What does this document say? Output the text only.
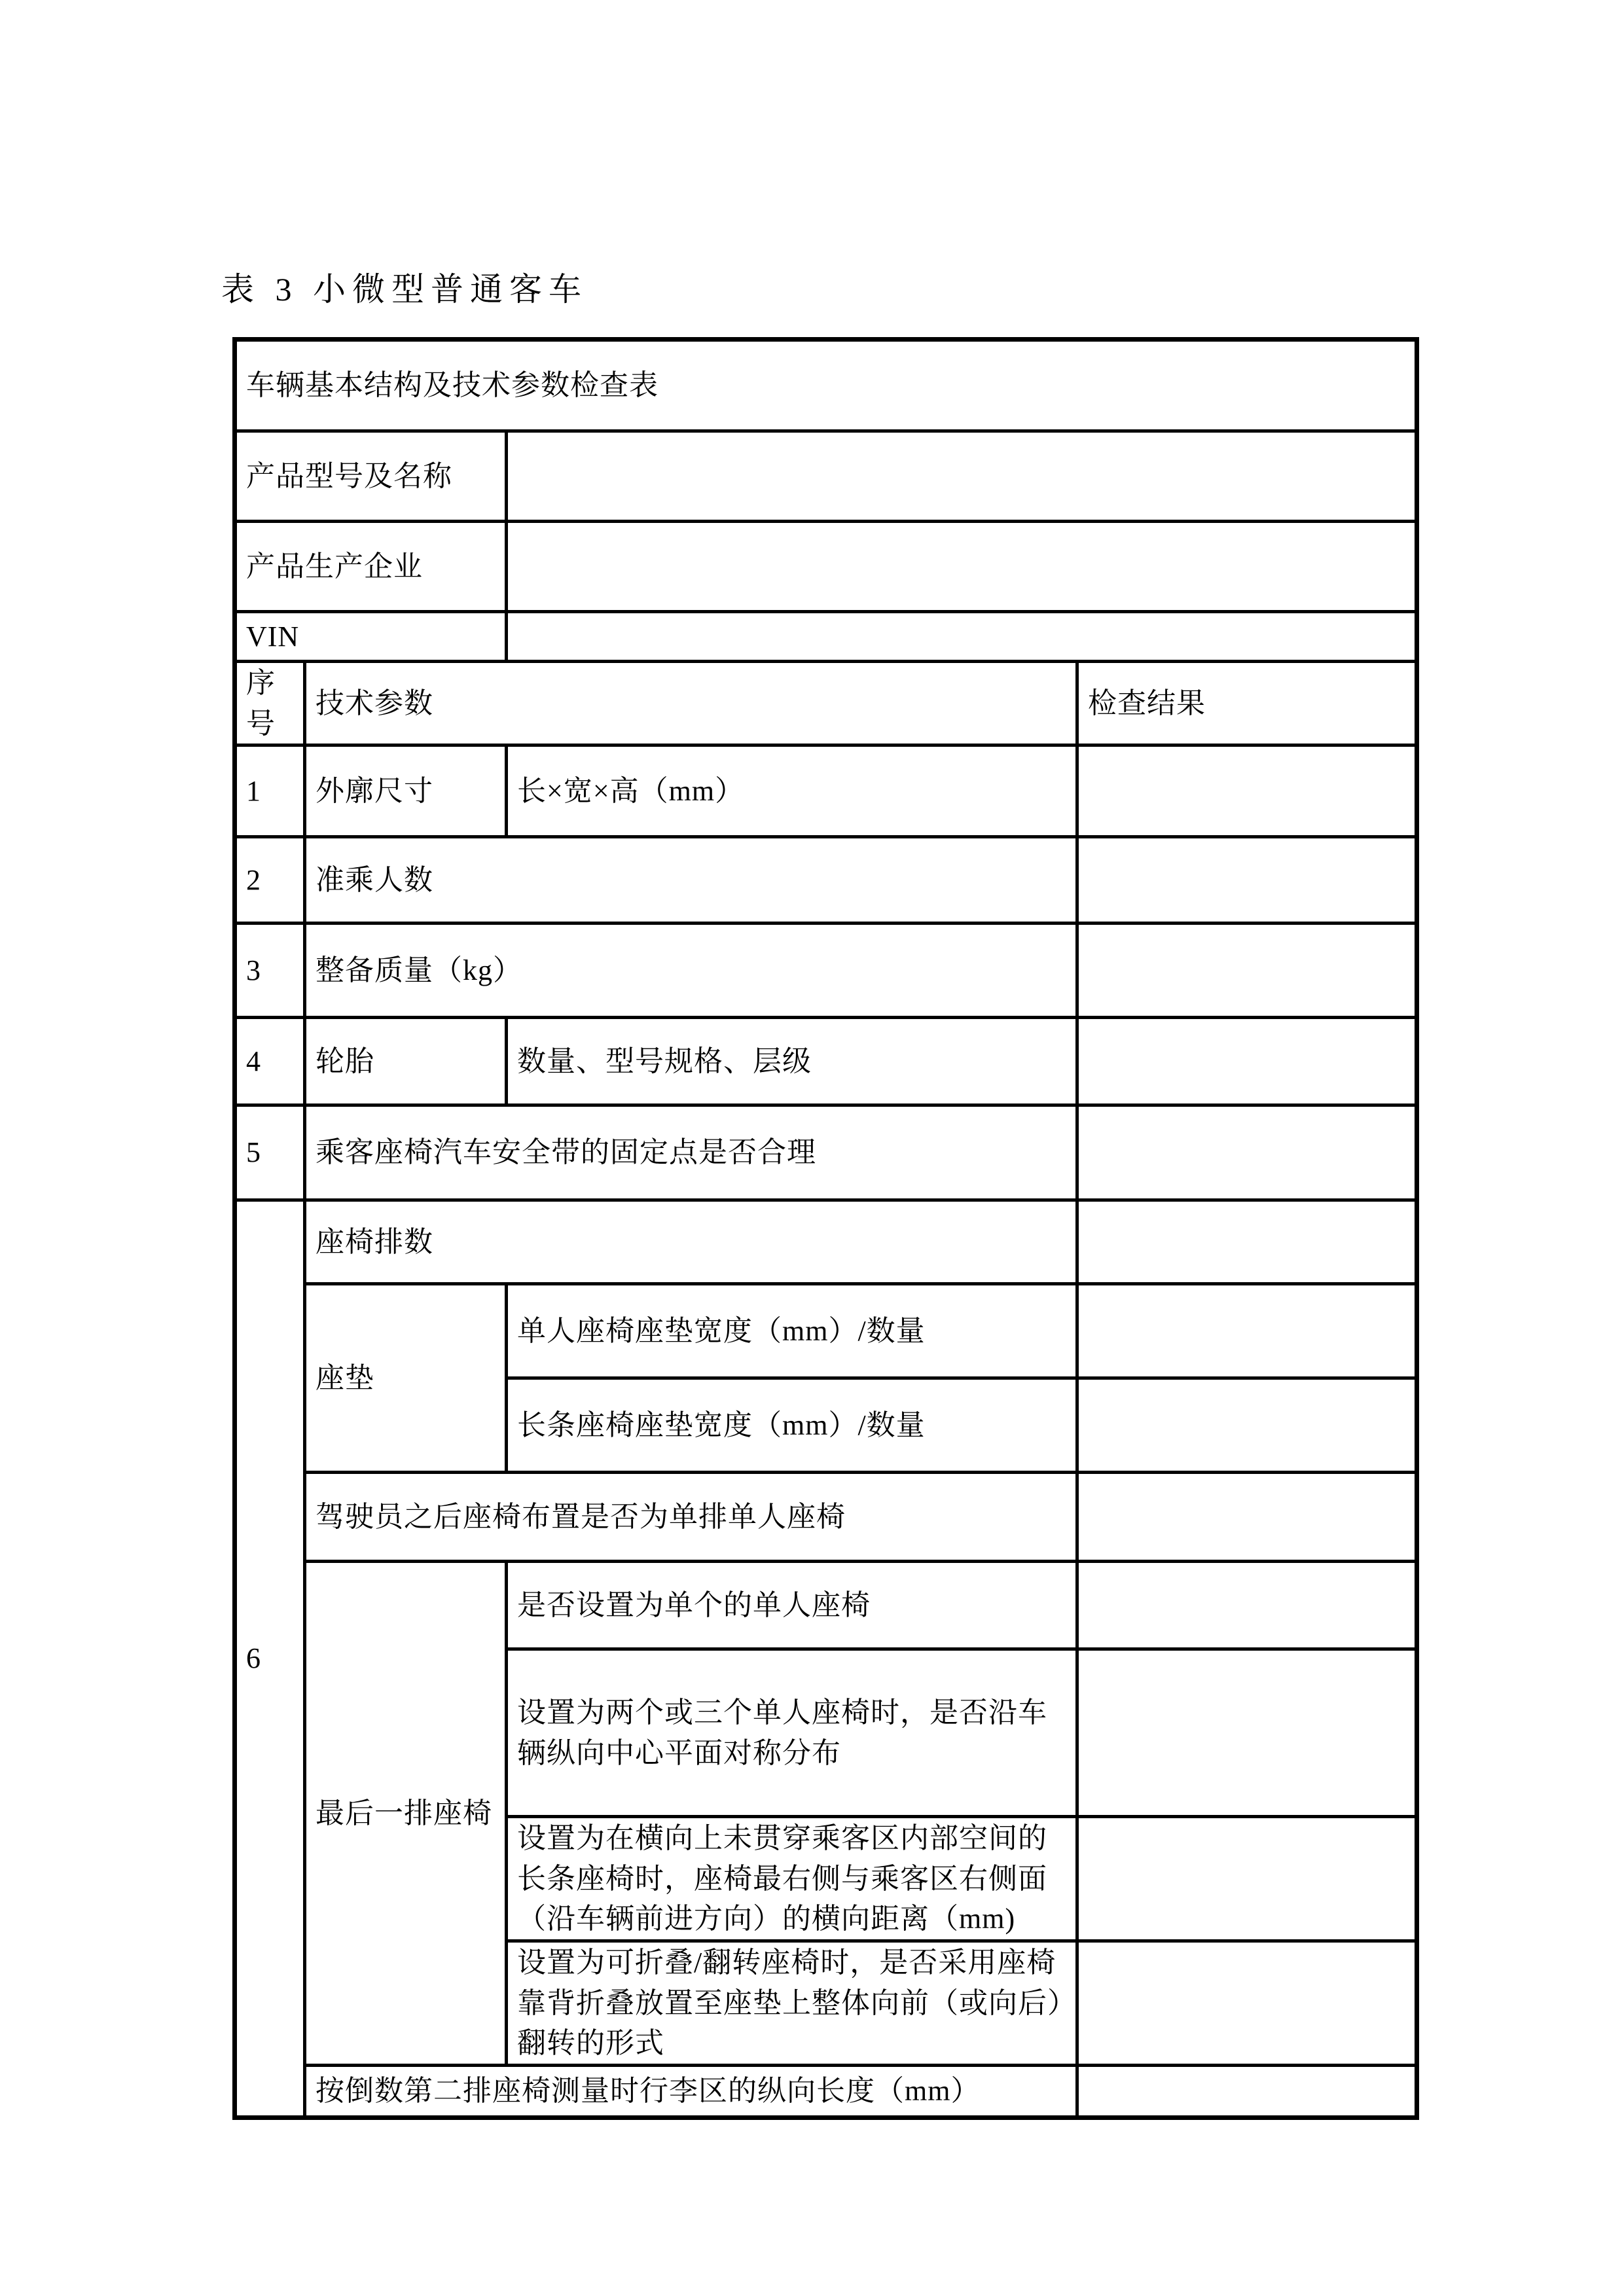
表 3 小微型普通客车
车辆基本结构及技术参数检查表			
产品型号及名称			
产品生产企业			
VIN			
序号	技术参数		检查结果
1	外廓尺寸	长×宽×高（mm）	
2	准乘人数		
3	整备质量（kg）		
4	轮胎	数量、型号规格、层级	
5	乘客座椅汽车安全带的固定点是否合理		
6	座椅排数		
	座垫	单人座椅座垫宽度（mm）/数量	
		长条座椅座垫宽度（mm）/数量	
	驾驶员之后座椅布置是否为单排单人座椅		
	最后一排座椅	是否设置为单个的单人座椅	
		设置为两个或三个单人座椅时，是否沿车辆纵向中心平面对称分布	
		设置为在横向上未贯穿乘客区内部空间的长条座椅时，座椅最右侧与乘客区右侧面（沿车辆前进方向）的横向距离（mm)	
		设置为可折叠/翻转座椅时，是否采用座椅靠背折叠放置至座垫上整体向前（或向后）翻转的形式	
	按倒数第二排座椅测量时行李区的纵向长度（mm）		
